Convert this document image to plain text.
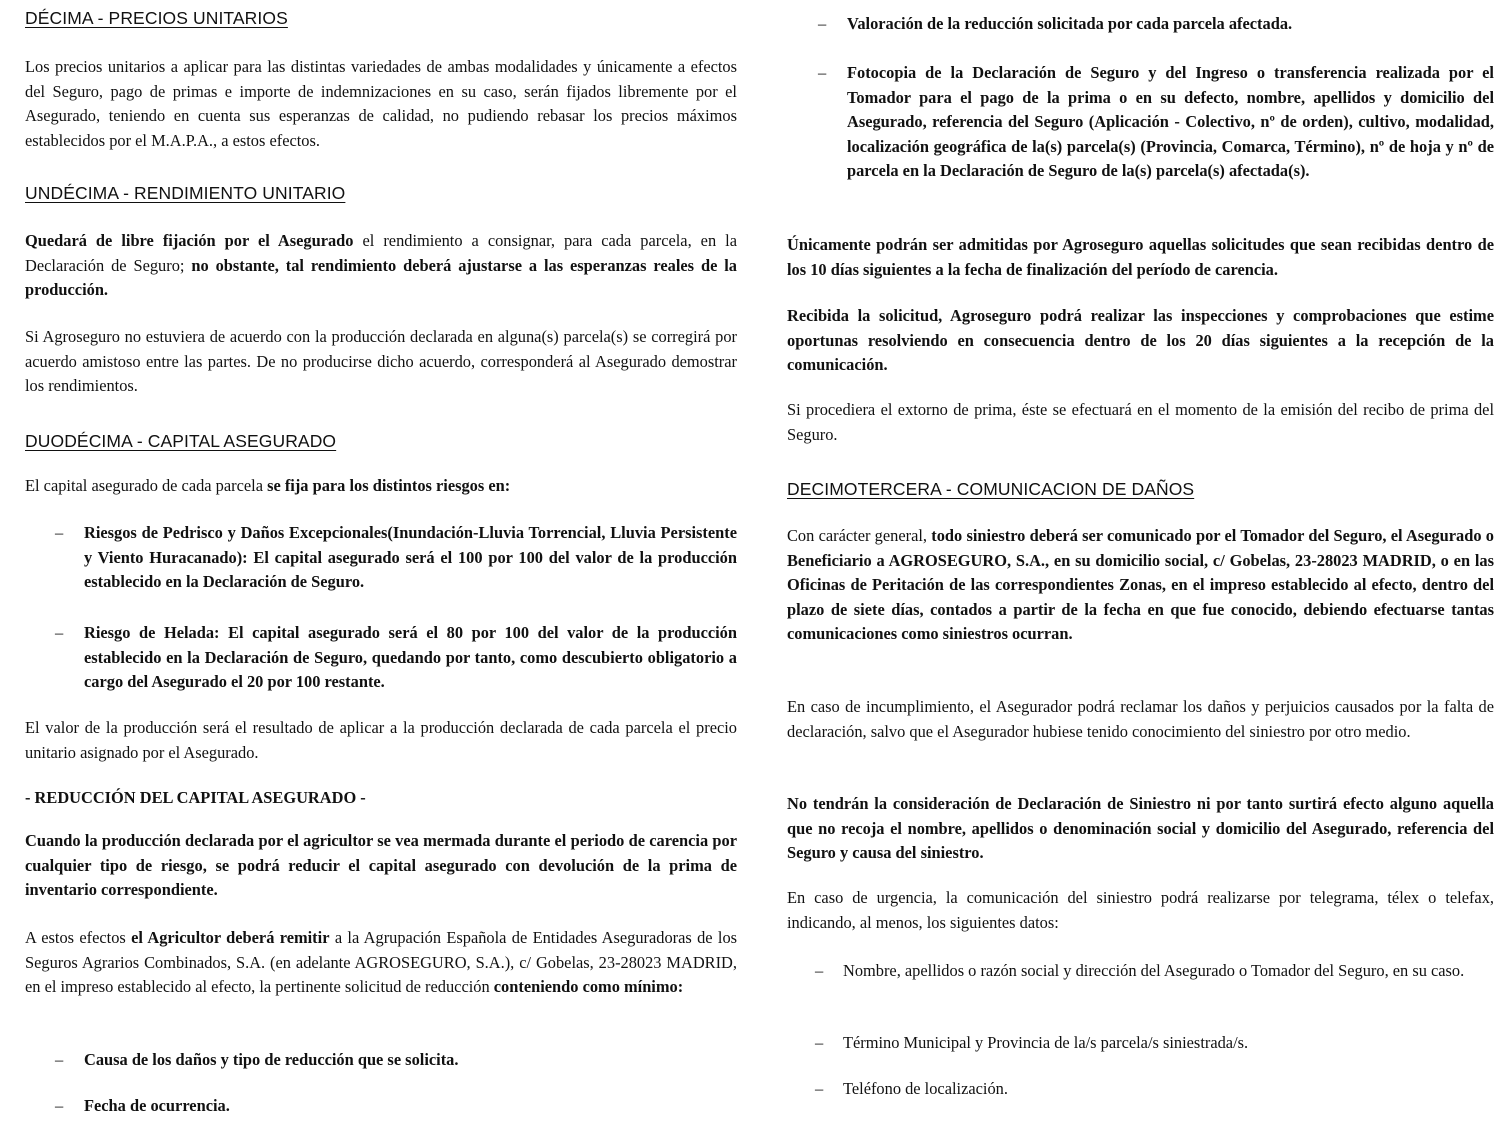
DÉCIMA - PRECIOS UNITARIOS

Los precios unitarios a aplicar para las distintas variedades de ambas modalidades y únicamente a efectos del Seguro, pago de primas e importe de indemnizaciones en su caso, serán fijados libremente por el Asegurado, teniendo en cuenta sus esperanzas de calidad, no pudiendo rebasar los precios máximos establecidos por el M.A.P.A., a estos efectos.

UNDÉCIMA - RENDIMIENTO UNITARIO

Quedará de libre fijación por el Asegurado el rendimiento a consignar, para cada parcela, en la Declaración de Seguro; no obstante, tal rendimiento deberá ajustarse a las esperanzas reales de la producción.

Si Agroseguro no estuviera de acuerdo con la producción declarada en alguna(s) parcela(s) se corregirá por acuerdo amistoso entre las partes. De no producirse dicho acuerdo, corresponderá al Asegurado demostrar los rendimientos.

DUODÉCIMA - CAPITAL ASEGURADO

El capital asegurado de cada parcela se fija para los distintos riesgos en:

– Riesgos de Pedrisco y Daños Excepcionales(Inundación-Lluvia Torrencial, Lluvia Persistente y Viento Huracanado): El capital asegurado será el 100 por 100 del valor de la producción establecido en la Declaración de Seguro.

– Riesgo de Helada: El capital asegurado será el 80 por 100 del valor de la producción establecido en la Declaración de Seguro, quedando por tanto, como descubierto obligatorio a cargo del Asegurado el 20 por 100 restante.

El valor de la producción será el resultado de aplicar a la producción declarada de cada parcela el precio unitario asignado por el Asegurado.

- REDUCCIÓN DEL CAPITAL ASEGURADO -

Cuando la producción declarada por el agricultor se vea mermada durante el periodo de carencia por cualquier tipo de riesgo, se podrá reducir el capital asegurado con devolución de la prima de inventario correspondiente.

A estos efectos el Agricultor deberá remitir a la Agrupación Española de Entidades Aseguradoras de los Seguros Agrarios Combinados, S.A. (en adelante AGROSEGURO, S.A.), c/ Gobelas, 23-28023 MADRID, en el impreso establecido al efecto, la pertinente solicitud de reducción conteniendo como mínimo:

– Causa de los daños y tipo de reducción que se solicita.

– Fecha de ocurrencia.

– Valoración de la reducción solicitada por cada parcela afectada.

– Fotocopia de la Declaración de Seguro y del Ingreso o transferencia realizada por el Tomador para el pago de la prima o en su defecto, nombre, apellidos y domicilio del Asegurado, referencia del Seguro (Aplicación - Colectivo, nº de orden), cultivo, modalidad, localización geográfica de la(s) parcela(s) (Provincia, Comarca, Término), nº de hoja y nº de parcela en la Declaración de Seguro de la(s) parcela(s) afectada(s).

Únicamente podrán ser admitidas por Agroseguro aquellas solicitudes que sean recibidas dentro de los 10 días siguientes a la fecha de finalización del período de carencia.

Recibida la solicitud, Agroseguro podrá realizar las inspecciones y comprobaciones que estime oportunas resolviendo en consecuencia dentro de los 20 días siguientes a la recepción de la comunicación.

Si procediera el extorno de prima, éste se efectuará en el momento de la emisión del recibo de prima del Seguro.

DECIMOTERCERA - COMUNICACION DE DAÑOS

Con carácter general, todo siniestro deberá ser comunicado por el Tomador del Seguro, el Asegurado o Beneficiario a AGROSEGURO, S.A., en su domicilio social, c/ Gobelas, 23-28023 MADRID, o en las Oficinas de Peritación de las correspondientes Zonas, en el impreso establecido al efecto, dentro del plazo de siete días, contados a partir de la fecha en que fue conocido, debiendo efectuarse tantas comunicaciones como siniestros ocurran.

En caso de incumplimiento, el Asegurador podrá reclamar los daños y perjuicios causados por la falta de declaración, salvo que el Asegurador hubiese tenido conocimiento del siniestro por otro medio.

No tendrán la consideración de Declaración de Siniestro ni por tanto surtirá efecto alguno aquella que no recoja el nombre, apellidos o denominación social y domicilio del Asegurado, referencia del Seguro y causa del siniestro.

En caso de urgencia, la comunicación del siniestro podrá realizarse por telegrama, télex o telefax, indicando, al menos, los siguientes datos:

– Nombre, apellidos o razón social y dirección del Asegurado o Tomador del Seguro, en su caso.

– Término Municipal y Provincia de la/s parcela/s siniestrada/s.

– Teléfono de localización.
